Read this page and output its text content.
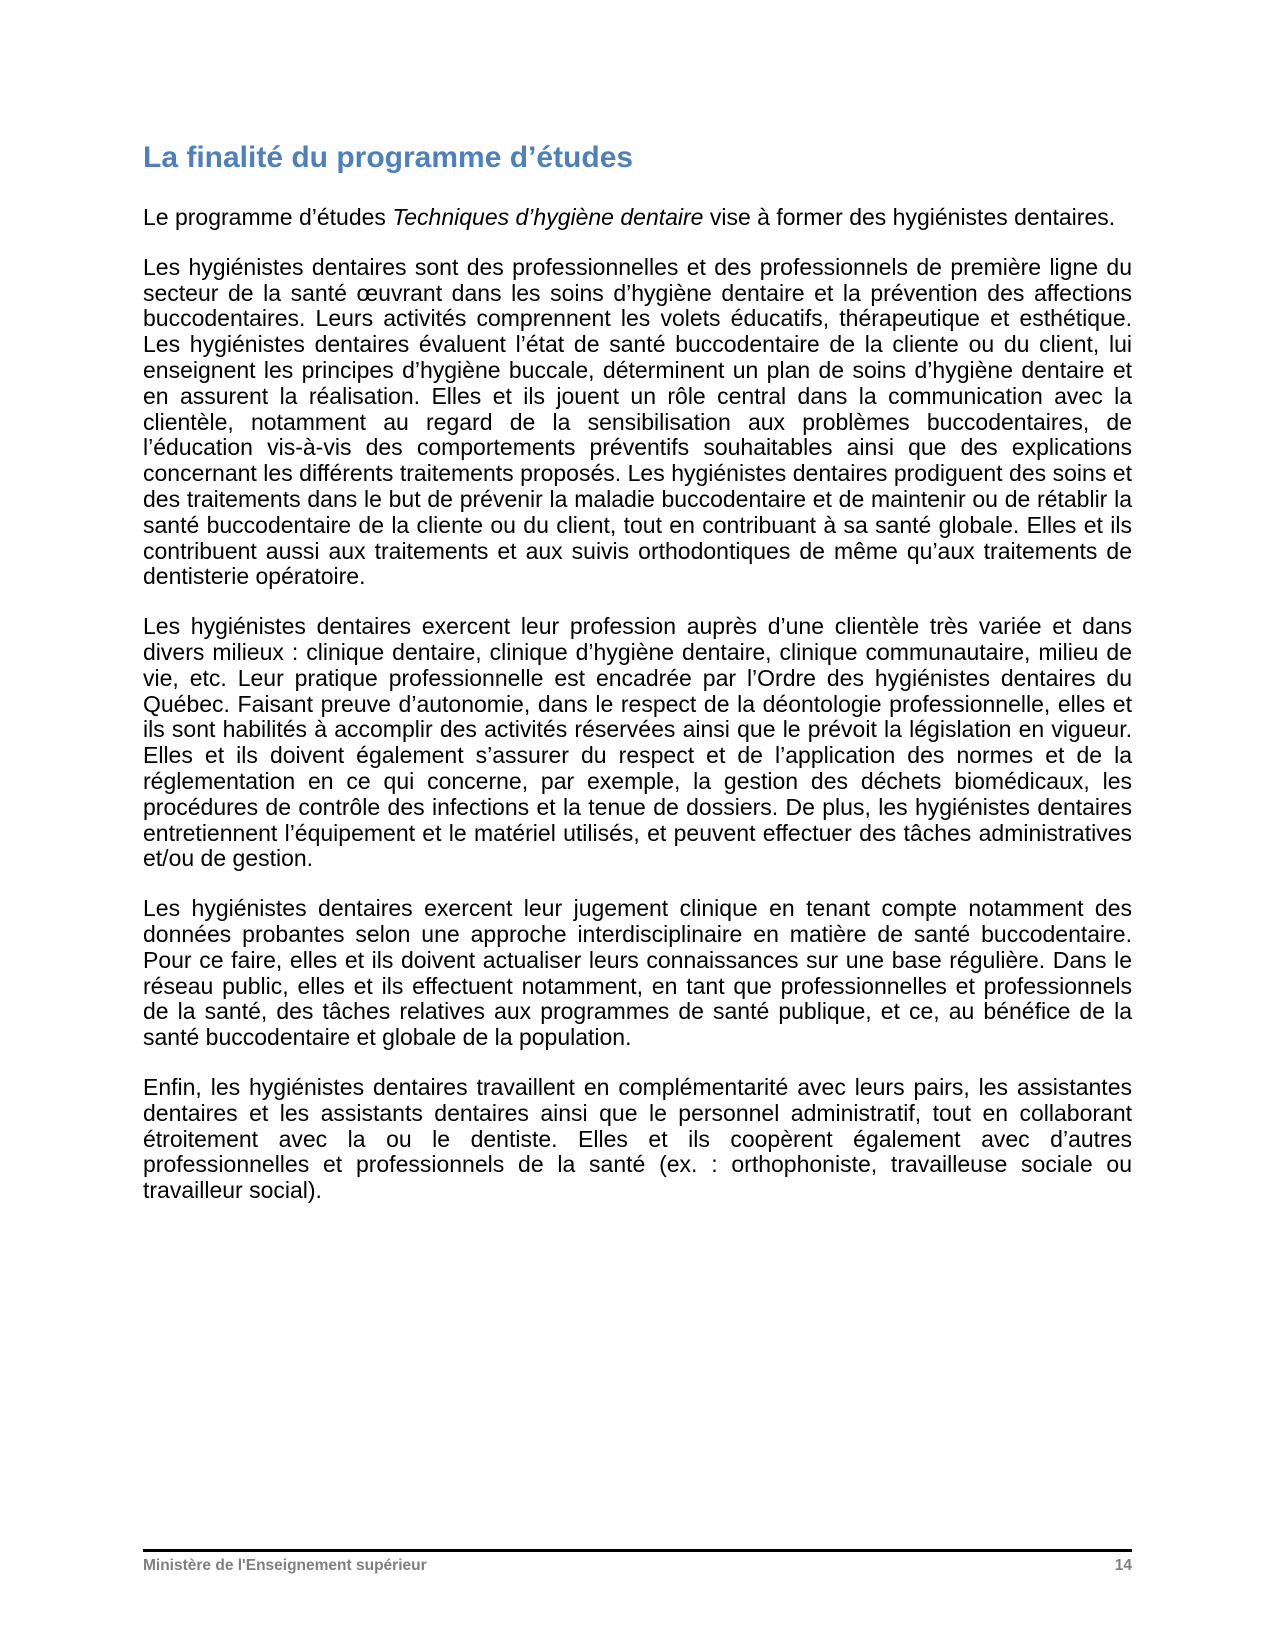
La finalité du programme d’études

Le programme d’études Techniques d’hygiène dentaire vise à former des hygiénistes dentaires.

Les hygiénistes dentaires sont des professionnelles et des professionnels de première ligne du secteur de la santé œuvrant dans les soins d’hygiène dentaire et la prévention des affections buccodentaires. Leurs activités comprennent les volets éducatifs, thérapeutique et esthétique. Les hygiénistes dentaires évaluent l’état de santé buccodentaire de la cliente ou du client, lui enseignent les principes d’hygiène buccale, déterminent un plan de soins d’hygiène dentaire et en assurent la réalisation. Elles et ils jouent un rôle central dans la communication avec la clientèle, notamment au regard de la sensibilisation aux problèmes buccodentaires, de l’éducation vis-à-vis des comportements préventifs souhaitables ainsi que des explications concernant les différents traitements proposés. Les hygiénistes dentaires prodiguent des soins et des traitements dans le but de prévenir la maladie buccodentaire et de maintenir ou de rétablir la santé buccodentaire de la cliente ou du client, tout en contribuant à sa santé globale. Elles et ils contribuent aussi aux traitements et aux suivis orthodontiques de même qu’aux traitements de dentisterie opératoire.

Les hygiénistes dentaires exercent leur profession auprès d’une clientèle très variée et dans divers milieux : clinique dentaire, clinique d’hygiène dentaire, clinique communautaire, milieu de vie, etc. Leur pratique professionnelle est encadrée par l’Ordre des hygiénistes dentaires du Québec. Faisant preuve d’autonomie, dans le respect de la déontologie professionnelle, elles et ils sont habilités à accomplir des activités réservées ainsi que le prévoit la législation en vigueur. Elles et ils doivent également s’assurer du respect et de l’application des normes et de la réglementation en ce qui concerne, par exemple, la gestion des déchets biomédicaux, les procédures de contrôle des infections et la tenue de dossiers. De plus, les hygiénistes dentaires entretiennent l’équipement et le matériel utilisés, et peuvent effectuer des tâches administratives et/ou de gestion.

Les hygiénistes dentaires exercent leur jugement clinique en tenant compte notamment des données probantes selon une approche interdisciplinaire en matière de santé buccodentaire. Pour ce faire, elles et ils doivent actualiser leurs connaissances sur une base régulière. Dans le réseau public, elles et ils effectuent notamment, en tant que professionnelles et professionnels de la santé, des tâches relatives aux programmes de santé publique, et ce, au bénéfice de la santé buccodentaire et globale de la population.

Enfin, les hygiénistes dentaires travaillent en complémentarité avec leurs pairs, les assistantes dentaires et les assistants dentaires ainsi que le personnel administratif, tout en collaborant étroitement avec la ou le dentiste. Elles et ils coopèrent également avec d’autres professionnelles et professionnels de la santé (ex. : orthophoniste, travailleuse sociale ou travailleur social).

Ministère de l'Enseignement supérieur	14
